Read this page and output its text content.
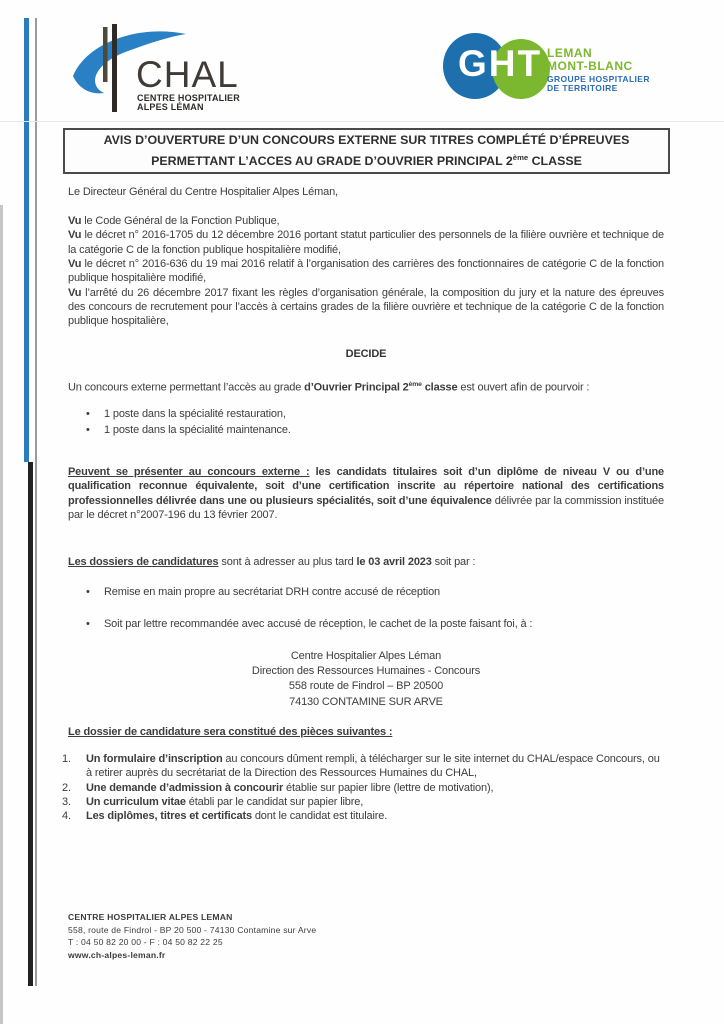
CHAL
CENTRE HOSPITALIER
ALPES LÉMAN
GHT LEMAN
MONT-BLANC
GROUPE HOSPITALIER
DE TERRITOIRE
AVIS D’OUVERTURE D’UN CONCOURS EXTERNE SUR TITRES COMPLÉTÉ D’ÉPREUVES
PERMETTANT L’ACCES AU GRADE D’OUVRIER PRINCIPAL 2ème CLASSE
Le Directeur Général du Centre Hospitalier Alpes Léman,
Vu le Code Général de la Fonction Publique,
Vu le décret n° 2016-1705 du 12 décembre 2016 portant statut particulier des personnels de la filière ouvrière et technique de la catégorie C de la fonction publique hospitalière modifié,
Vu le décret n° 2016-636 du 19 mai 2016 relatif à l’organisation des carrières des fonctionnaires de catégorie C de la fonction publique hospitalière modifié,
Vu l’arrêté du 26 décembre 2017 fixant les règles d’organisation générale, la composition du jury et la nature des épreuves des concours de recrutement pour l’accès à certains grades de la filière ouvrière et technique de la catégorie C de la fonction publique hospitalière,
DECIDE
Un concours externe permettant l’accès au grade d’Ouvrier Principal 2ème classe est ouvert afin de pourvoir :
•	1 poste dans la spécialité restauration,
•	1 poste dans la spécialité maintenance.
Peuvent se présenter au concours externe : les candidats titulaires soit d’un diplôme de niveau V ou d’une qualification reconnue équivalente, soit d’une certification inscrite au répertoire national des certifications professionnelles délivrée dans une ou plusieurs spécialités, soit d’une équivalence délivrée par la commission instituée par le décret n°2007-196 du 13 février 2007.
Les dossiers de candidatures sont à adresser au plus tard le 03 avril 2023 soit par :
•	Remise en main propre au secrétariat DRH contre accusé de réception
•	Soit par lettre recommandée avec accusé de réception, le cachet de la poste faisant foi, à :
Centre Hospitalier Alpes Léman
Direction des Ressources Humaines - Concours
558 route de Findrol – BP 20500
74130 CONTAMINE SUR ARVE
Le dossier de candidature sera constitué des pièces suivantes :
1.	Un formulaire d’inscription au concours dûment rempli, à télécharger sur le site internet du CHAL/espace Concours, ou à retirer auprès du secrétariat de la Direction des Ressources Humaines du CHAL,
2.	Une demande d’admission à concourir établie sur papier libre (lettre de motivation),
3.	Un curriculum vitae établi par le candidat sur papier libre,
4.	Les diplômes, titres et certificats dont le candidat est titulaire.
CENTRE HOSPITALIER ALPES LEMAN
558, route de Findrol - BP 20 500 - 74130 Contamine sur Arve
T : 04 50 82 20 00 - F : 04 50 82 22 25
www.ch-alpes-leman.fr
